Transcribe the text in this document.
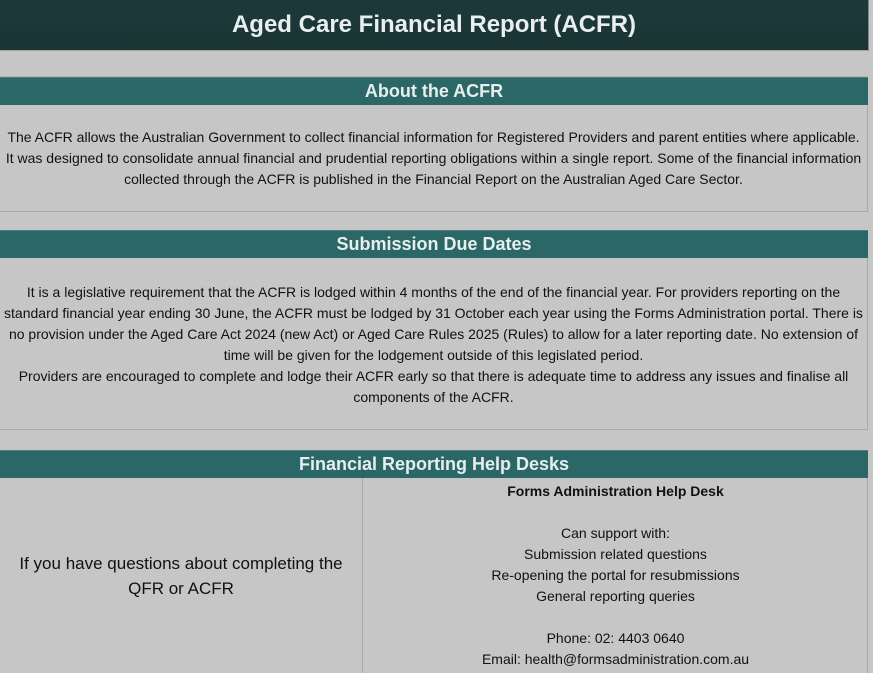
Aged Care Financial Report (ACFR)
About the ACFR

The ACFR allows the Australian Government to collect financial information for Registered Providers and parent entities where applicable. It was designed to consolidate annual financial and prudential reporting obligations within a single report. Some of the financial information collected through the ACFR is published in the Financial Report on the Australian Aged Care Sector.

Submission Due Dates

It is a legislative requirement that the ACFR is lodged within 4 months of the end of the financial year. For providers reporting on the standard financial year ending 30 June, the ACFR must be lodged by 31 October each year using the Forms Administration portal. There is no provision under the Aged Care Act 2024 (new Act) or Aged Care Rules 2025 (Rules) to allow for a later reporting date. No extension of time will be given for the lodgement outside of this legislated period.

Providers are encouraged to complete and lodge their ACFR early so that there is adequate time to address any issues and finalise all components of the ACFR.

Financial Reporting Help Desks
If you have questions about completing the QFR or ACFR

Forms Administration Help Desk

Can support with:

Submission related questions

Re-opening the portal for resubmissions

General reporting queries

Phone: 02: 4403 0640

Email: health@formsadministration.com.au
